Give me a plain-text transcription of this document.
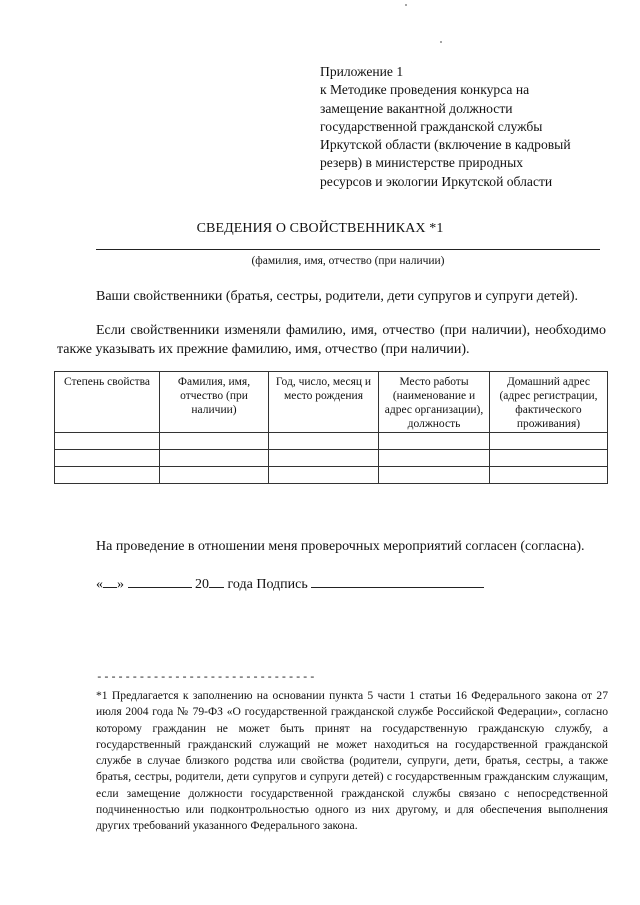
Приложение 1
к Методике проведения конкурса на
замещение вакантной должности
государственной гражданской службы
Иркутской области (включение в кадровый
резерв) в министерстве природных
ресурсов и экологии Иркутской области
СВЕДЕНИЯ О СВОЙСТВЕННИКАХ *1
(фамилия, имя, отчество (при наличии)
Ваши свойственники (братья, сестры, родители, дети супругов и супруги детей).
Если свойственники изменяли фамилию, имя, отчество (при наличии), необходимо также указывать их прежние фамилию, имя, отчество (при наличии).
Степень свойства	Фамилия, имя, отчество (при наличии)	Год, число, месяц и место рождения	Место работы (наименование и адрес организации), должность	Домашний адрес (адрес регистрации, фактического проживания)

На проведение в отношении меня проверочных мероприятий согласен (согласна).
« »	20 года Подпись
-------------------------------
*1 Предлагается к заполнению на основании пункта 5 части 1 статьи 16 Федерального закона от 27 июля 2004 года № 79-ФЗ «О государственной гражданской службе Российской Федерации», согласно которому гражданин не может быть принят на государственную гражданскую службу, а государственный гражданский служащий не может находиться на государственной гражданской службе в случае близкого родства или свойства (родители, супруги, дети, братья, сестры, а также братья, сестры, родители, дети супругов и супруги детей) с государственным гражданским служащим, если замещение должности государственной гражданской службы связано с непосредственной подчиненностью или подконтрольностью одного из них другому, и для обеспечения выполнения других требований указанного Федерального закона.
